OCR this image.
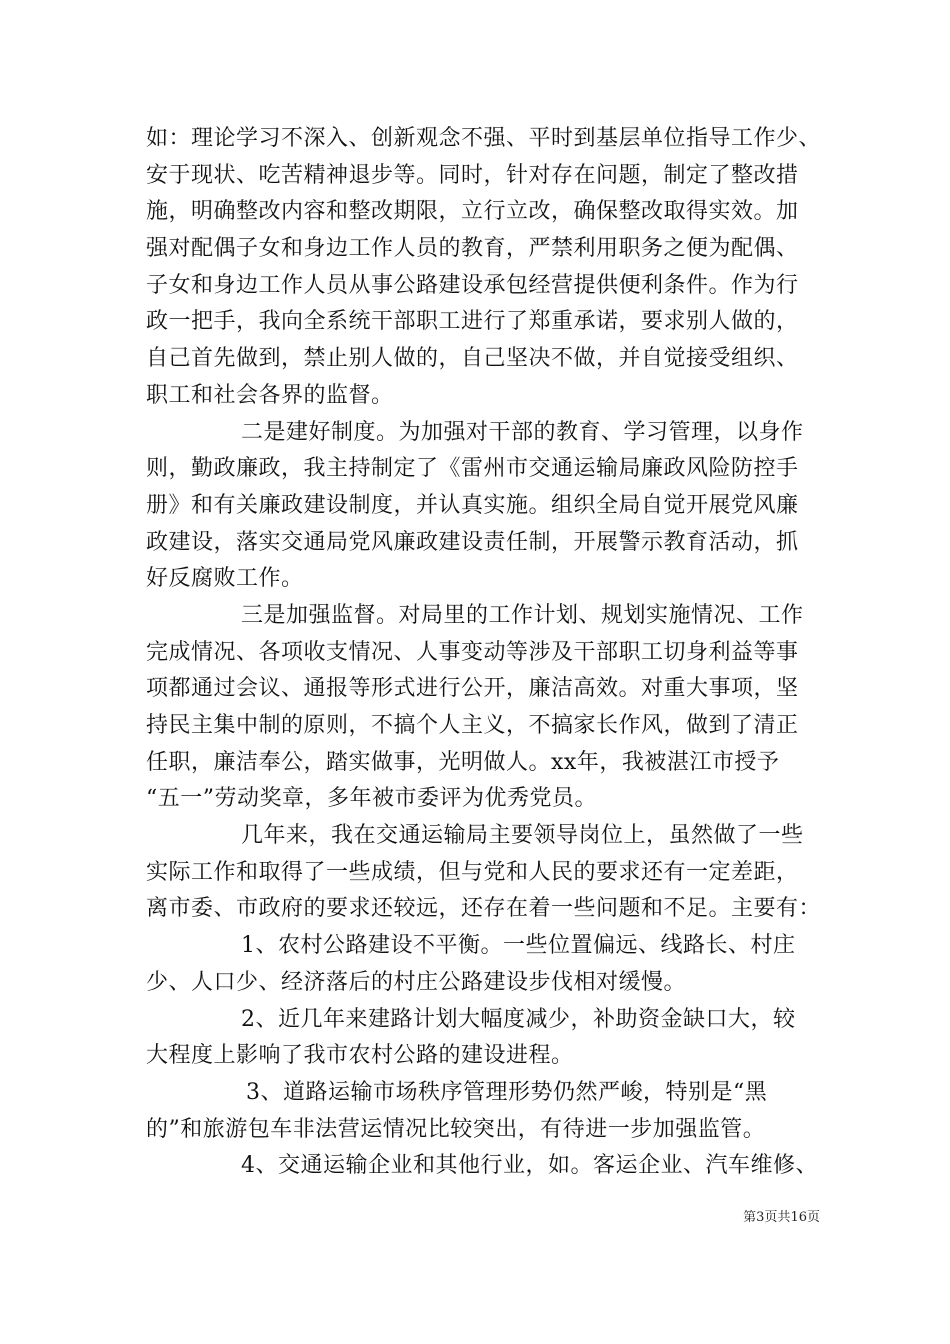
如：理论学习不深入、创新观念不强、平时到基层单位指导工作少、
安于现状、吃苦精神退步等。同时，针对存在问题，制定了整改措
施，明确整改内容和整改期限，立行立改，确保整改取得实效。加
强对配偶子女和身边工作人员的教育，严禁利用职务之便为配偶、
子女和身边工作人员从事公路建设承包经营提供便利条件。作为行
政一把手，我向全系统干部职工进行了郑重承诺，要求别人做的，
自己首先做到，禁止别人做的，自己坚决不做，并自觉接受组织、
职工和社会各界的监督。
二是建好制度。为加强对干部的教育、学习管理，以身作
则，勤政廉政，我主持制定了《雷州市交通运输局廉政风险防控手
册》和有关廉政建设制度，并认真实施。组织全局自觉开展党风廉
政建设，落实交通局党风廉政建设责任制，开展警示教育活动，抓
好反腐败工作。
三是加强监督。对局里的工作计划、规划实施情况、工作
完成情况、各项收支情况、人事变动等涉及干部职工切身利益等事
项都通过会议、通报等形式进行公开，廉洁高效。对重大事项，坚
持民主集中制的原则，不搞个人主义，不搞家长作风，做到了清正
任职，廉洁奉公，踏实做事，光明做人。xx年，我被湛江市授予
“五一”劳动奖章，多年被市委评为优秀党员。
几年来，我在交通运输局主要领导岗位上，虽然做了一些
实际工作和取得了一些成绩，但与党和人民的要求还有一定差距，
离市委、市政府的要求还较远，还存在着一些问题和不足。主要有：
1、农村公路建设不平衡。一些位置偏远、线路长、村庄
少、人口少、经济落后的村庄公路建设步伐相对缓慢。
2、近几年来建路计划大幅度减少，补助资金缺口大，较
大程度上影响了我市农村公路的建设进程。
3、道路运输市场秩序管理形势仍然严峻，特别是“黑
的”和旅游包车非法营运情况比较突出，有待进一步加强监管。
4、交通运输企业和其他行业，如。客运企业、汽车维修、
第3页共16页
